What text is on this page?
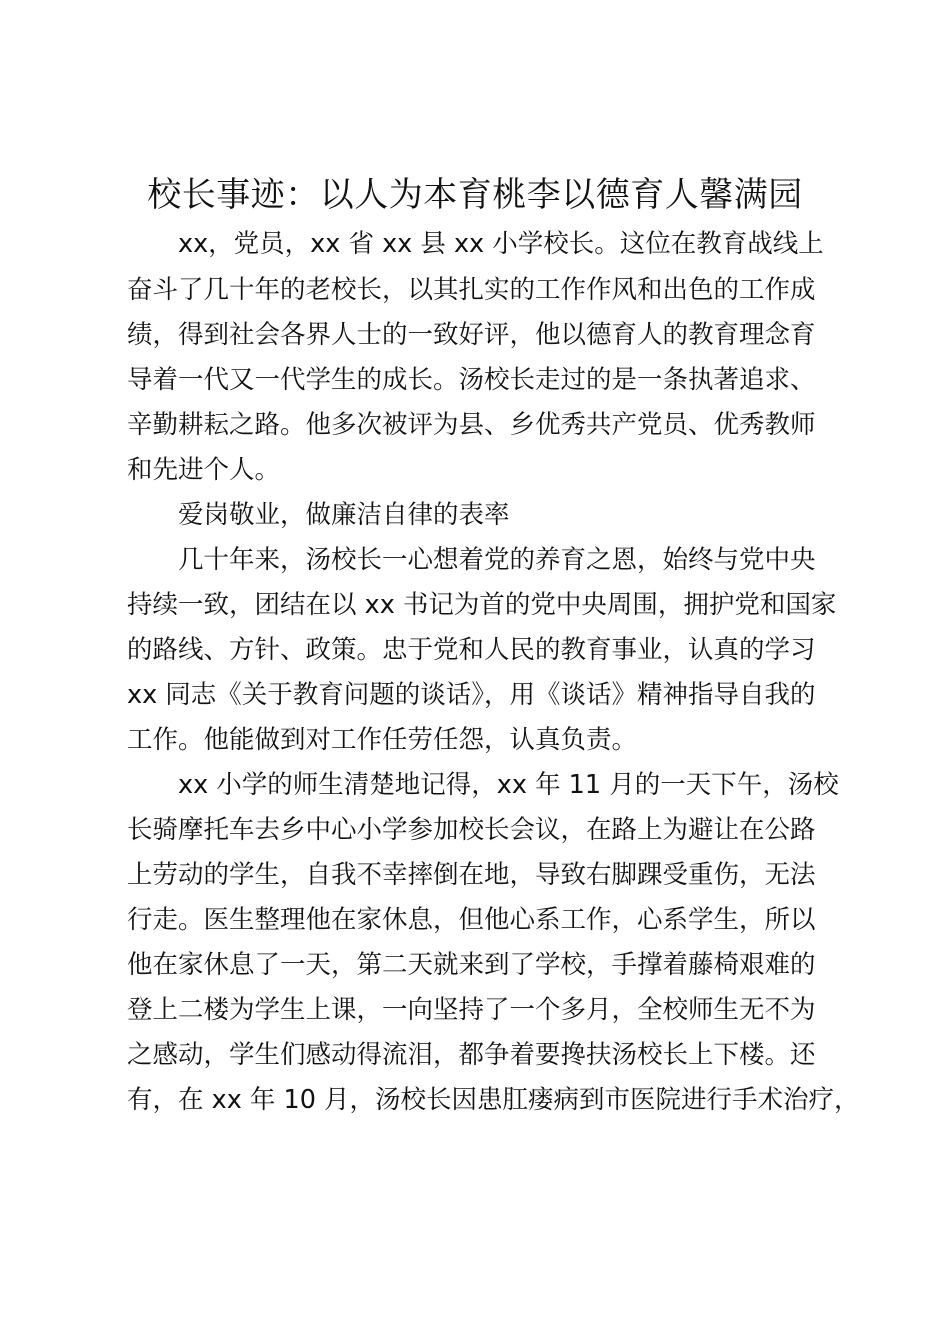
校长事迹：以人为本育桃李以德育人馨满园
　　xx，党员，xx 省 xx 县 xx 小学校长。这位在教育战线上
奋斗了几十年的老校长，以其扎实的工作作风和出色的工作成
绩，得到社会各界人士的一致好评，他以德育人的教育理念育
导着一代又一代学生的成长。汤校长走过的是一条执著追求、
辛勤耕耘之路。他多次被评为县、乡优秀共产党员、优秀教师
和先进个人。
　　爱岗敬业，做廉洁自律的表率
　　几十年来，汤校长一心想着党的养育之恩，始终与党中央
持续一致，团结在以 xx 书记为首的党中央周围，拥护党和国家
的路线、方针、政策。忠于党和人民的教育事业，认真的学习
xx 同志《关于教育问题的谈话》，用《谈话》精神指导自我的
工作。他能做到对工作任劳任怨，认真负责。
　　xx 小学的师生清楚地记得，xx 年 11 月的一天下午，汤校
长骑摩托车去乡中心小学参加校长会议，在路上为避让在公路
上劳动的学生，自我不幸摔倒在地，导致右脚踝受重伤，无法
行走。医生整理他在家休息，但他心系工作，心系学生，所以
他在家休息了一天，第二天就来到了学校，手撑着藤椅艰难的
登上二楼为学生上课，一向坚持了一个多月，全校师生无不为
之感动，学生们感动得流泪，都争着要搀扶汤校长上下楼。还
有，在 xx 年 10 月，汤校长因患肛瘘病到市医院进行手术治疗，
